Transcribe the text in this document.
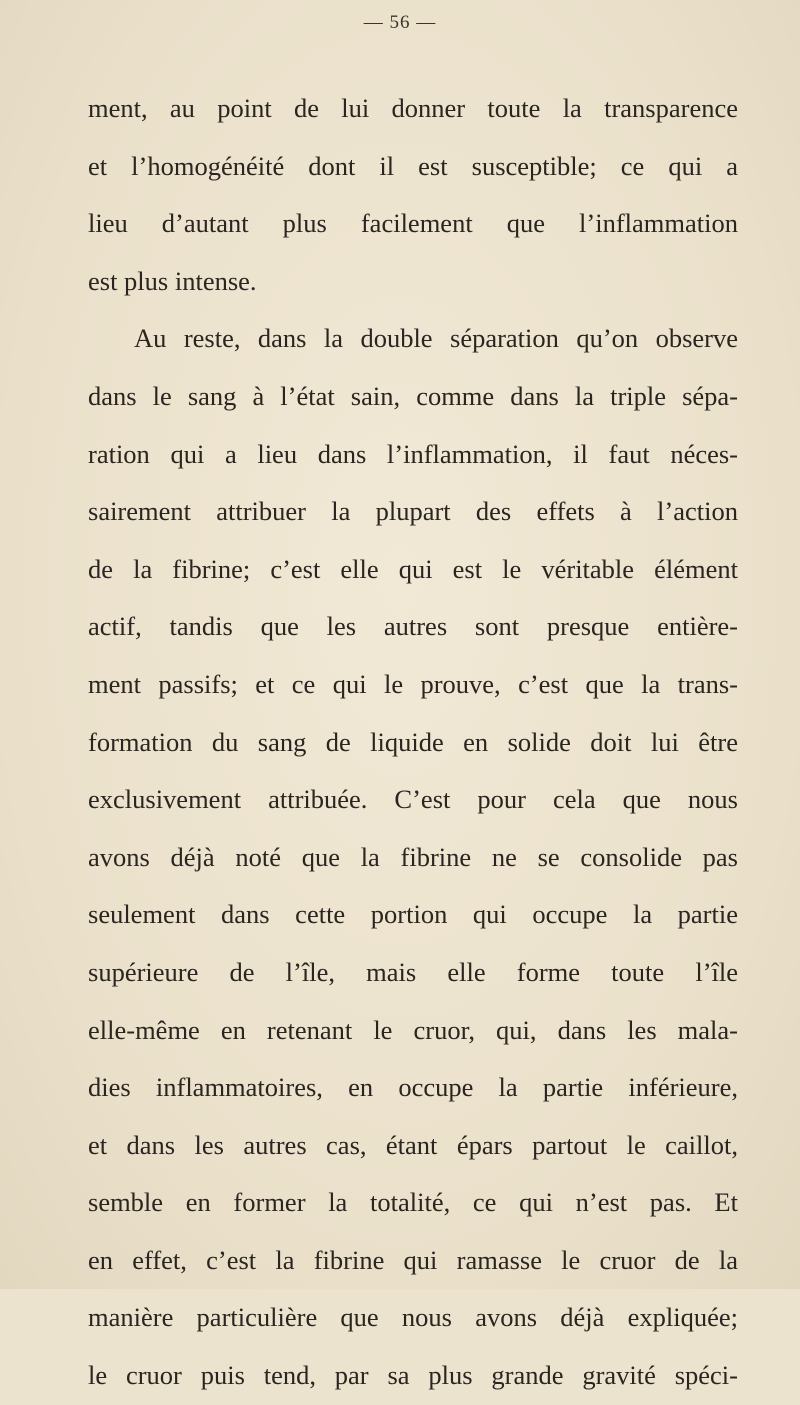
— 56 —
ment, au point de lui donner toute la transparence
et l’homogénéité dont il est susceptible; ce qui a
lieu d’autant plus facilement que l’inflammation
est plus intense.
Au reste, dans la double séparation qu’on observe
dans le sang à l’état sain, comme dans la triple sépa-
ration qui a lieu dans l’inflammation, il faut néces-
sairement attribuer la plupart des effets à l’action
de la fibrine; c’est elle qui est le véritable élément
actif, tandis que les autres sont presque entière-
ment passifs; et ce qui le prouve, c’est que la trans-
formation du sang de liquide en solide doit lui être
exclusivement attribuée. C’est pour cela que nous
avons déjà noté que la fibrine ne se consolide pas
seulement dans cette portion qui occupe la partie
supérieure de l’île, mais elle forme toute l’île
elle-même en retenant le cruor, qui, dans les mala-
dies inflammatoires, en occupe la partie inférieure,
et dans les autres cas, étant épars partout le caillot,
semble en former la totalité, ce qui n’est pas. Et
en effet, c’est la fibrine qui ramasse le cruor de la
manière particulière que nous avons déjà expliquée;
le cruor puis tend, par sa plus grande gravité spéci-
